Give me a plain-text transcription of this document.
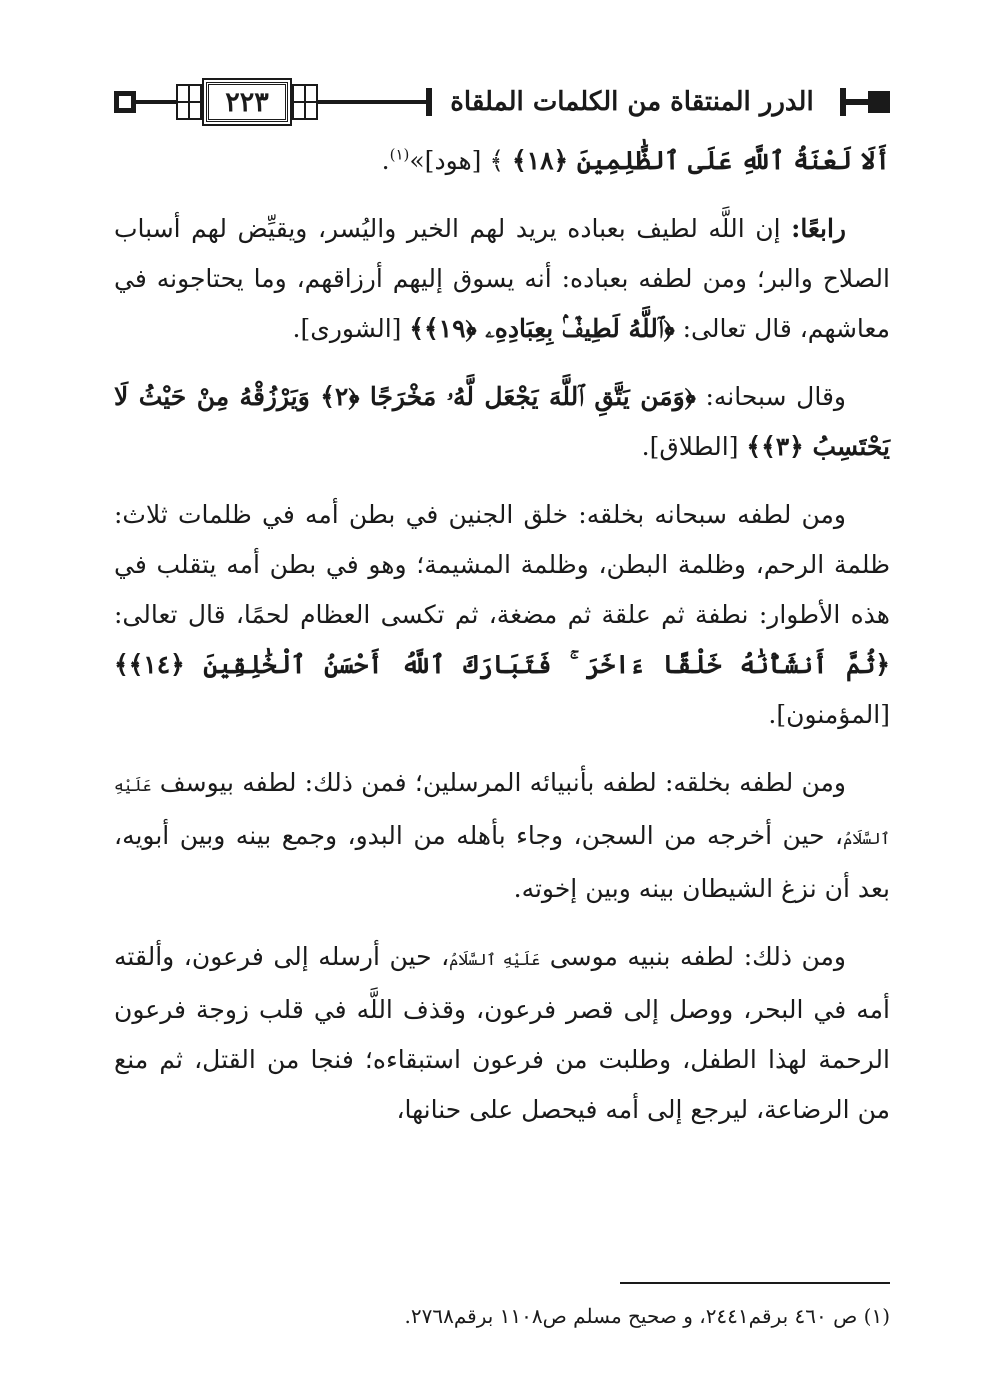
٢٢٣	الدرر المنتقاة من الكلمات الملقاة

أَلَا لَعْنَةُ ٱللَّهِ عَلَى ٱلظَّٰلِمِينَ ﴿١٨﴾ ﴾ [هود]»$^{(١)}$.

رابعًا: إن اللَّه لطيف بعباده يريد لهم الخير واليُسر، ويقيِّض لهم أسباب الصلاح والبر؛ ومن لطفه بعباده: أنه يسوق إليهم أرزاقهم، وما يحتاجونه في معاشهم، قال تعالى: ﴿ٱللَّهُ لَطِيفٌۢ بِعِبَادِهِۦ ﴿١٩﴾﴾ [الشورى].

وقال سبحانه: ﴿وَمَن يَتَّقِ ٱللَّهَ يَجْعَل لَّهُۥ مَخْرَجًا ﴿٢﴾ وَيَرْزُقْهُ مِنْ حَيْثُ لَا يَحْتَسِبُ ﴿٣﴾﴾ [الطلاق].

ومن لطفه سبحانه بخلقه: خلق الجنين في بطن أمه في ظلمات ثلاث: ظلمة الرحم، وظلمة البطن، وظلمة المشيمة؛ وهو في بطن أمه يتقلب في هذه الأطوار: نطفة ثم علقة ثم مضغة، ثم تكسى العظام لحمًا، قال تعالى: ﴿ثُمَّ أَنشَأْنَٰهُ خَلْقًا ءَاخَرَ ۚ فَتَبَارَكَ ٱللَّهُ أَحْسَنُ ٱلْخَٰلِقِينَ ﴿١٤﴾﴾ [المؤمنون].

ومن لطفه بخلقه: لطفه بأنبيائه المرسلين؛ فمن ذلك: لطفه بيوسف عَلَيْهِ ٱلسَّلَامُ، حين أخرجه من السجن، وجاء بأهله من البدو، وجمع بينه وبين أبويه، بعد أن نزغ الشيطان بينه وبين إخوته.

ومن ذلك: لطفه بنبيه موسى عَلَيْهِ ٱلسَّلَامُ، حين أرسله إلى فرعون، وألقته أمه في البحر، ووصل إلى قصر فرعون، وقذف اللَّه في قلب زوجة فرعون الرحمة لهذا الطفل، وطلبت من فرعون استبقاءه؛ فنجا من القتل، ثم منع من الرضاعة، ليرجع إلى أمه فيحصل على حنانها،

(١) ص ٤٦٠ برقم٢٤٤١، و صحيح مسلم ص١١٠٨ برقم٢٧٦٨.
